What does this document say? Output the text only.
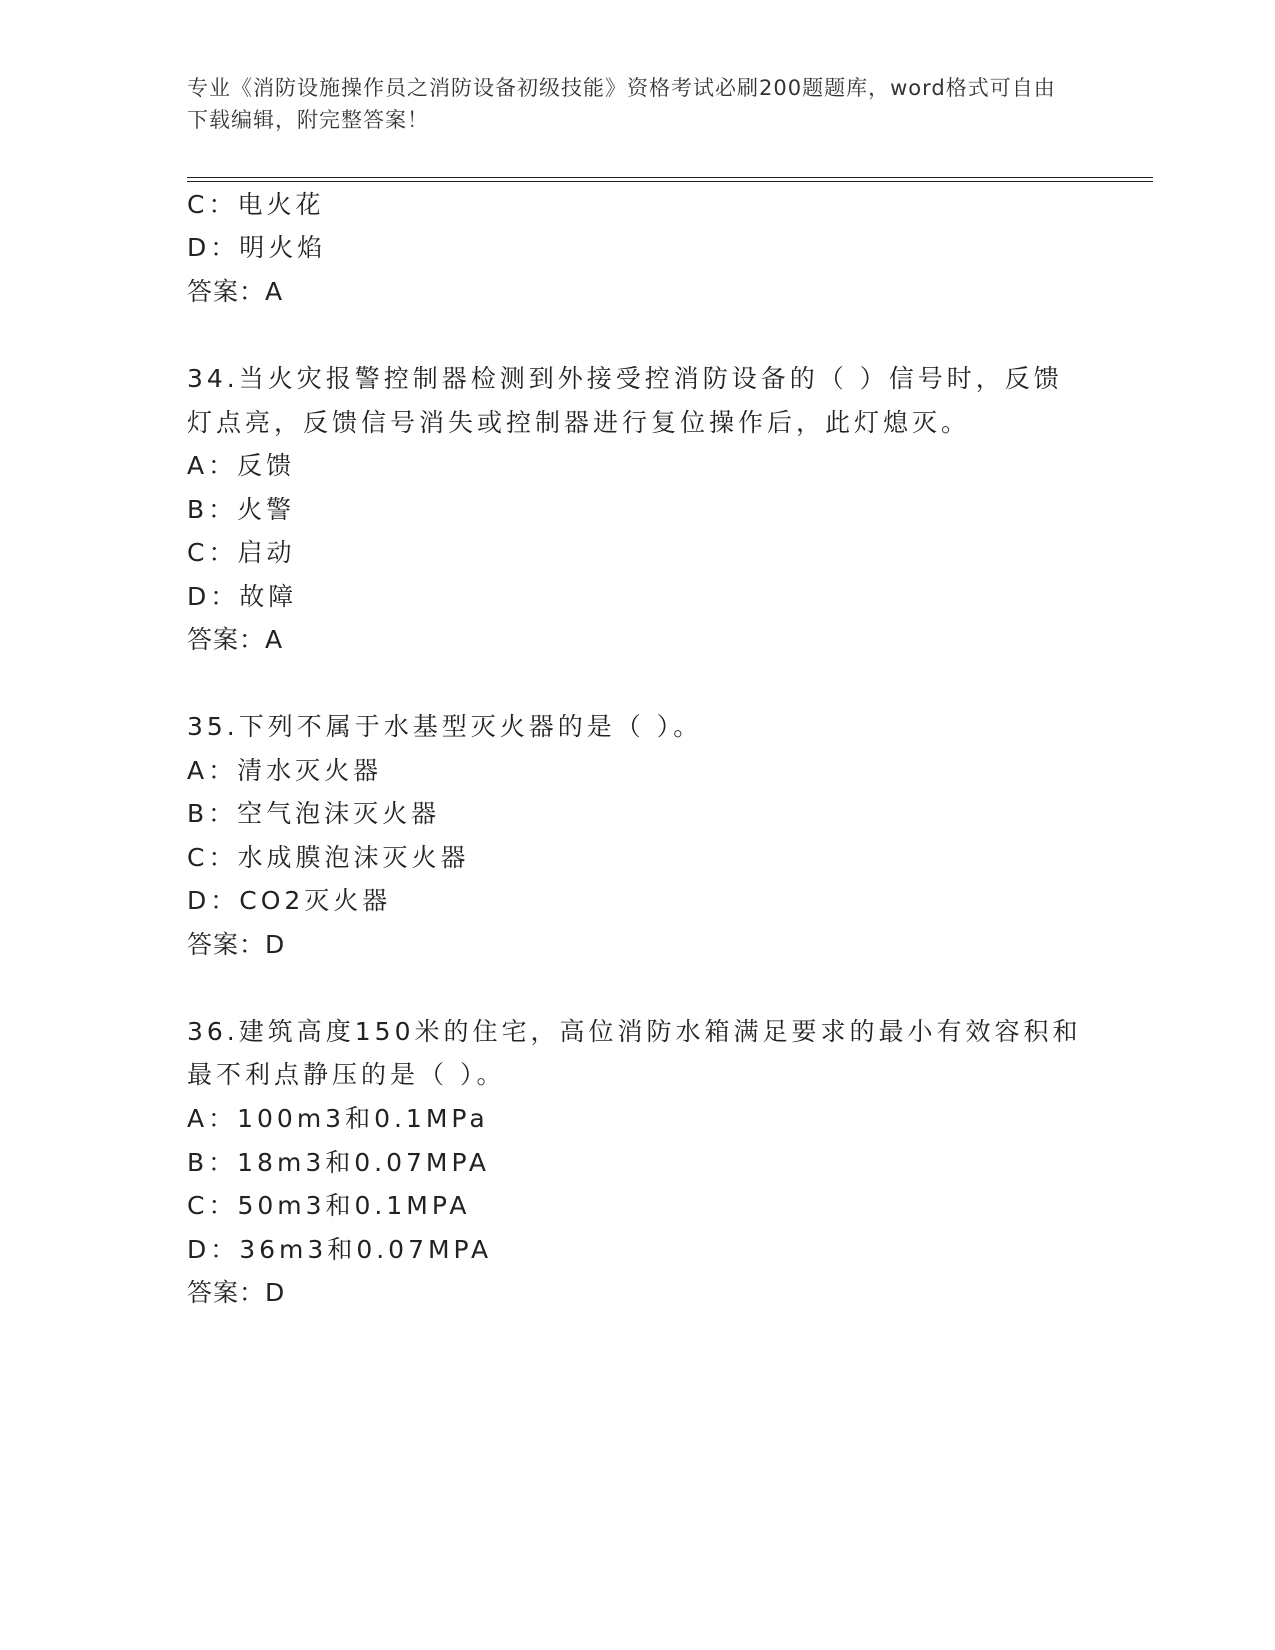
专业《消防设施操作员之消防设备初级技能》资格考试必刷200题题库，word格式可自由下载编辑，附完整答案！
C：电火花
D：明火焰
答案：A
34.当火灾报警控制器检测到外接受控消防设备的（ ）信号时，反馈
灯点亮，反馈信号消失或控制器进行复位操作后，此灯熄灭。
A：反馈
B：火警
C：启动
D：故障
答案：A
35.下列不属于水基型灭火器的是（ ）。
A：清水灭火器
B：空气泡沫灭火器
C：水成膜泡沫灭火器
D：CO2灭火器
答案：D
36.建筑高度150米的住宅，高位消防水箱满足要求的最小有效容积和
最不利点静压的是（ ）。
A：100m3和0.1MPa
B：18m3和0.07MPA
C：50m3和0.1MPA
D：36m3和0.07MPA
答案：D
